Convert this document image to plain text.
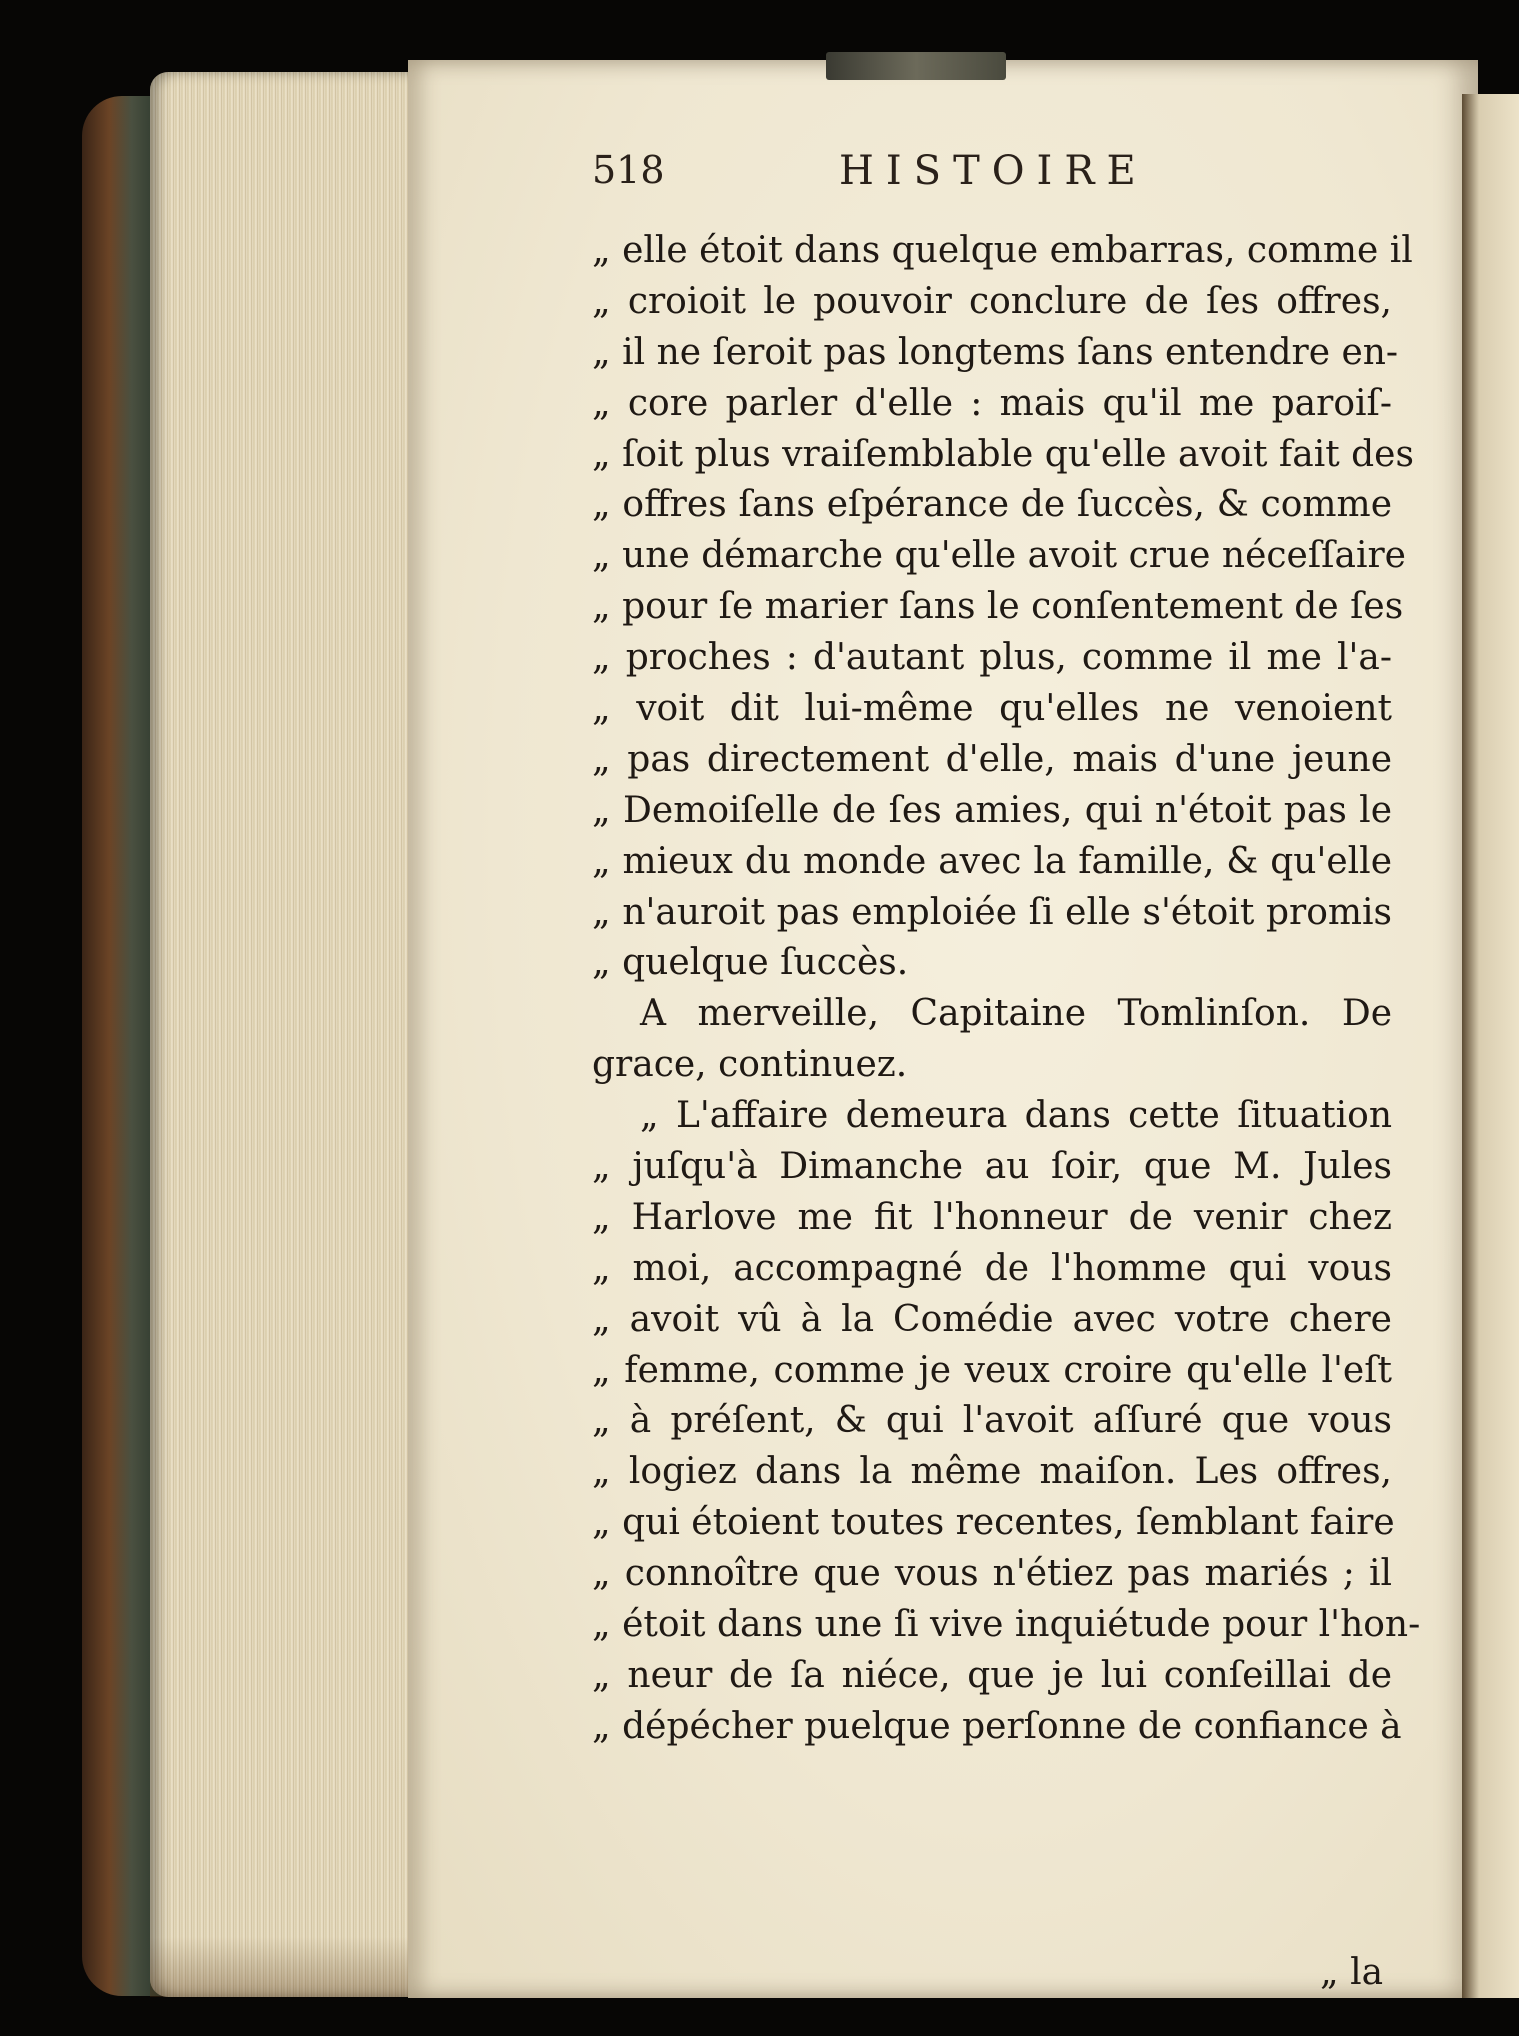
518	HISTOIRE
„ elle étoit dans quelque embarras, comme il
„ croioit le pouvoir conclure de ſes offres,
„ il ne ſeroit pas longtems ſans entendre en-
„ core parler d'elle : mais qu'il me paroiſ-
„ ſoit plus vraiſemblable qu'elle avoit fait des
„ offres ſans eſpérance de ſuccès, & comme
„ une démarche qu'elle avoit crue néceſſaire
„ pour ſe marier ſans le conſentement de ſes
„ proches : d'autant plus, comme il me l'a-
„ voit dit lui-même qu'elles ne venoient
„ pas directement d'elle, mais d'une jeune
„ Demoiſelle de ſes amies, qui n'étoit pas le
„ mieux du monde avec la famille, & qu'elle
„ n'auroit pas emploiée ſi elle s'étoit promis
„ quelque ſuccès.
A merveille, Capitaine Tomlinſon. De
grace, continuez.
„ L'affaire demeura dans cette ſituation
„ juſqu'à Dimanche au ſoir, que M. Jules
„ Harlove me fit l'honneur de venir chez
„ moi, accompagné de l'homme qui vous
„ avoit vû à la Comédie avec votre chere
„ femme, comme je veux croire qu'elle l'eſt
„ à préſent, & qui l'avoit aſſuré que vous
„ logiez dans la même maiſon. Les offres,
„ qui étoient toutes recentes, ſemblant faire
„ connoître que vous n'étiez pas mariés ; il
„ étoit dans une ſi vive inquiétude pour l'hon-
„ neur de ſa niéce, que je lui conſeillai de
„ dépécher puelque perſonne de confiance à
„ la
